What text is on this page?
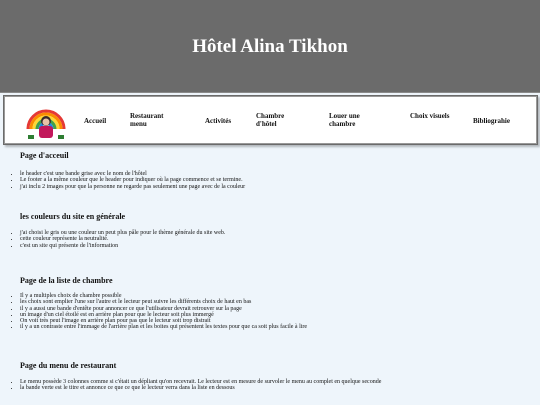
Hôtel Alina Tikhon
Accueil
Restaurant menu	Activités
Chambre d'hôtel
Louer une chambre
Choix visuels
Bibliograhie
Page d'acceuil
• le header c'est une bande grise avec le nom de l'hôtel
• Le footer a la même couleur que le header pour indiquer où la page commence et se termine.
• j'ai inclu 2 images pour que la personne ne regarde pas seulement une page avec de la couleur
les couleurs du site en générale
• j'ai choisi le gris ou une couleur un peut plus pâle pour le thème générale du site web.
• cette couleur représente la neutralité.
• c'est un site qui présente de l'information
Page de la liste de chambre
• Il y a multiples choix de chambre possible
• les choix sont emplier l'une sur l'autre et le lecteur peut suivre les différents choix de haut en bas
• il y a aussi une bande d'entête pour annoncer ce que l'utilisateur devrait retrouver sur la page
• un image d'un ciel étoilé est en arrière plan pour que le lecteur soit plus immergé
• On voit très peut l'image en arrière plan pour pas que le lecteur soit trop distrait
• il y a un contraste entre l'immage de l'arrière plan et les boites qui présentent les textes pour que ca soit plus facile à lire
Page du menu de restaurant
• Le menu possède 3 colonnes comme si c'était un dépliant qu'on recevrait. Le lecteur est en mesure de survoler le menu au complet en quelque seconde
• la bande verte est le titre et annonce ce que ce que le lecteur verra dans la liste en dessous
